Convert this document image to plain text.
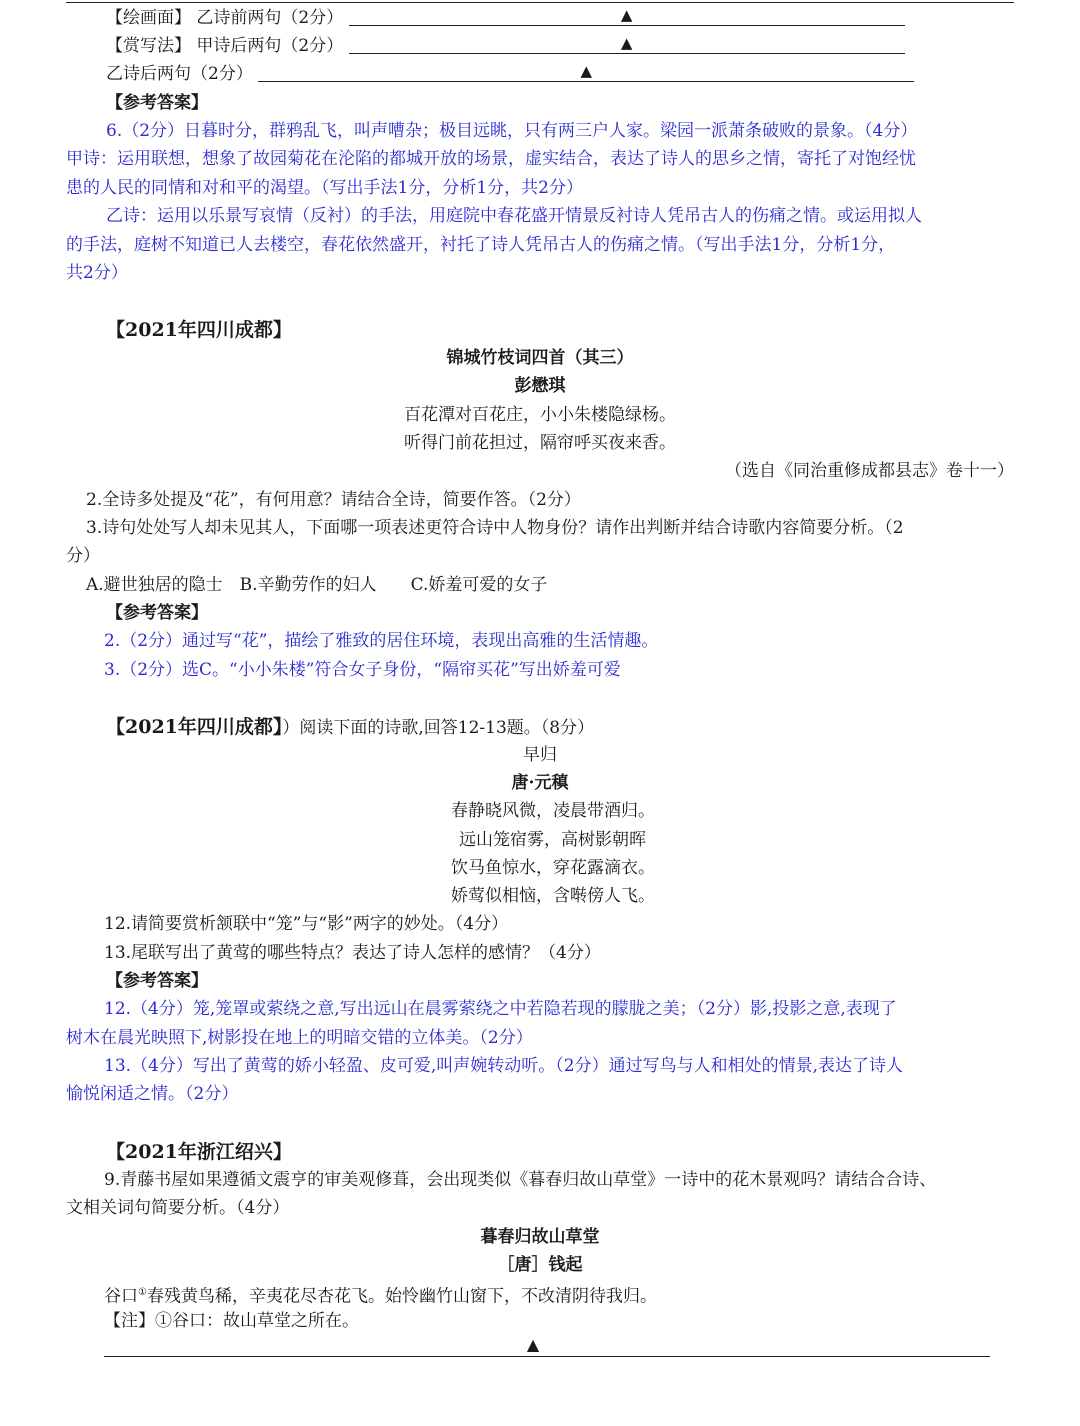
【绘画面】 乙诗前两句（2分）	▲
【赏写法】 甲诗后两句（2分）	▲
乙诗后两句（2分）	▲
【参考答案】
6.（2分）日暮时分，群鸦乱飞，叫声嘈杂；极目远眺，只有两三户人家。梁园一派萧条破败的景象。（4分）
甲诗：运用联想，想象了故园菊花在沦陷的都城开放的场景，虚实结合，表达了诗人的思乡之情，寄托了对饱经忧
患的人民的同情和对和平的渴望。（写出手法1分，分析1分，共2分）
乙诗：运用以乐景写哀情（反衬）的手法，用庭院中春花盛开情景反衬诗人凭吊古人的伤痛之情。或运用拟人
的手法，庭树不知道已人去楼空，春花依然盛开，衬托了诗人凭吊古人的伤痛之情。（写出手法1分，分析1分，
共2分）
【2021年四川成都】
锦城竹枝词四首（其三）
彭懋琪
百花潭对百花庄，小小朱楼隐绿杨。
听得门前花担过，隔帘呼买夜来香。
（选自《同治重修成都县志》卷十一）
2.全诗多处提及“花”，有何用意？请结合全诗，简要作答。（2分）
3.诗句处处写人却未见其人，下面哪一项表述更符合诗中人物身份？请作出判断并结合诗歌内容简要分析。（2
分）
A.避世独居的隐士　B.辛勤劳作的妇人　　C.娇羞可爱的女子
【参考答案】
2.（2分）通过写“花”，描绘了雅致的居住环境，表现出高雅的生活情趣。
3.（2分）选C。“小小朱楼”符合女子身份，“隔帘买花”写出娇羞可爱
【2021年四川成都】）阅读下面的诗歌,回答12-13题。（8分）
早归
唐·元稹
春静晓风微，凌晨带酒归。
远山笼宿雾，高树影朝晖
饮马鱼惊水，穿花露滴衣。
娇莺似相恼，含啭傍人飞。
12.请简要赏析颔联中“笼”与“影”两字的妙处。（4分）
13.尾联写出了黄莺的哪些特点？表达了诗人怎样的感情？（4分）
【参考答案】
12.（4分）笼,笼罩或萦绕之意,写出远山在晨雾萦绕之中若隐若现的朦胧之美；（2分）影,投影之意,表现了
树木在晨光映照下,树影投在地上的明暗交错的立体美。（2分）
13.（4分）写出了黄莺的娇小轻盈、皮可爱,叫声婉转动听。（2分）通过写鸟与人和相处的情景,表达了诗人
愉悦闲适之情。（2分）
【2021年浙江绍兴】
9.青藤书屋如果遵循文震亨的审美观修葺，会出现类似《暮春归故山草堂》一诗中的花木景观吗？请结合合诗、
文相关词句简要分析。（4分）
暮春归故山草堂
［唐］钱起
谷口①春残黄鸟稀，辛夷花尽杏花飞。始怜幽竹山窗下，不改清阴待我归。
【注】①谷口：故山草堂之所在。
▲
